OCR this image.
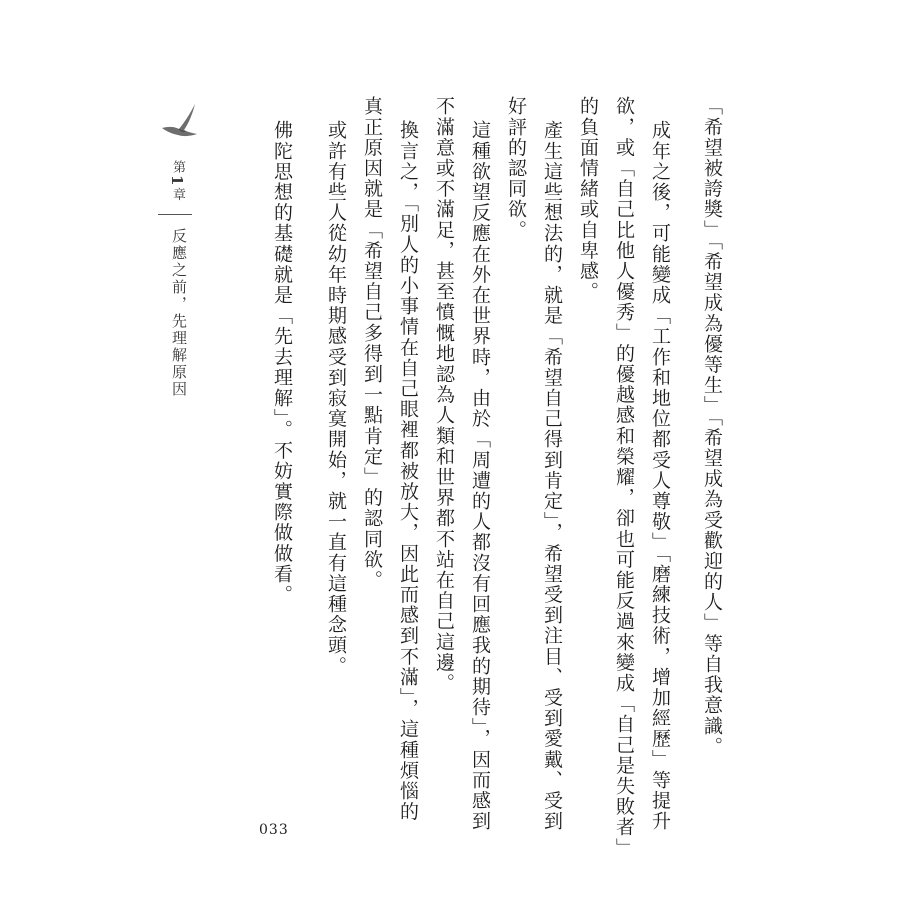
第1章
反應之前，先理解原因	「希望被誇獎」「希望成為優等生」「希望成為受歡迎的人」等自我意識。
成年之後，可能變成「工作和地位都受人尊敬」「磨練技術，增加經歷」等提升
欲，或「自己比他人優秀」的優越感和榮耀，卻也可能反過來變成「自己是失敗者」
的負面情緒或自卑感。
產生這些想法的，就是「希望自己得到肯定」，希望受到注目、受到愛戴、受到
好評的認同欲。
這種欲望反應在外在世界時，由於「周遭的人都沒有回應我的期待」，因而感到
不滿意或不滿足，甚至憤慨地認為人類和世界都不站在自己這邊。
換言之，「別人的小事情在自己眼裡都被放大，因此而感到不滿」，這種煩惱的
真正原因就是「希望自己多得到一點肯定」的認同欲。
或許有些人從幼年時期感受到寂寞開始，就一直有這種念頭。
佛陀思想的基礎就是「先去理解」。不妨實際做做看。
033
